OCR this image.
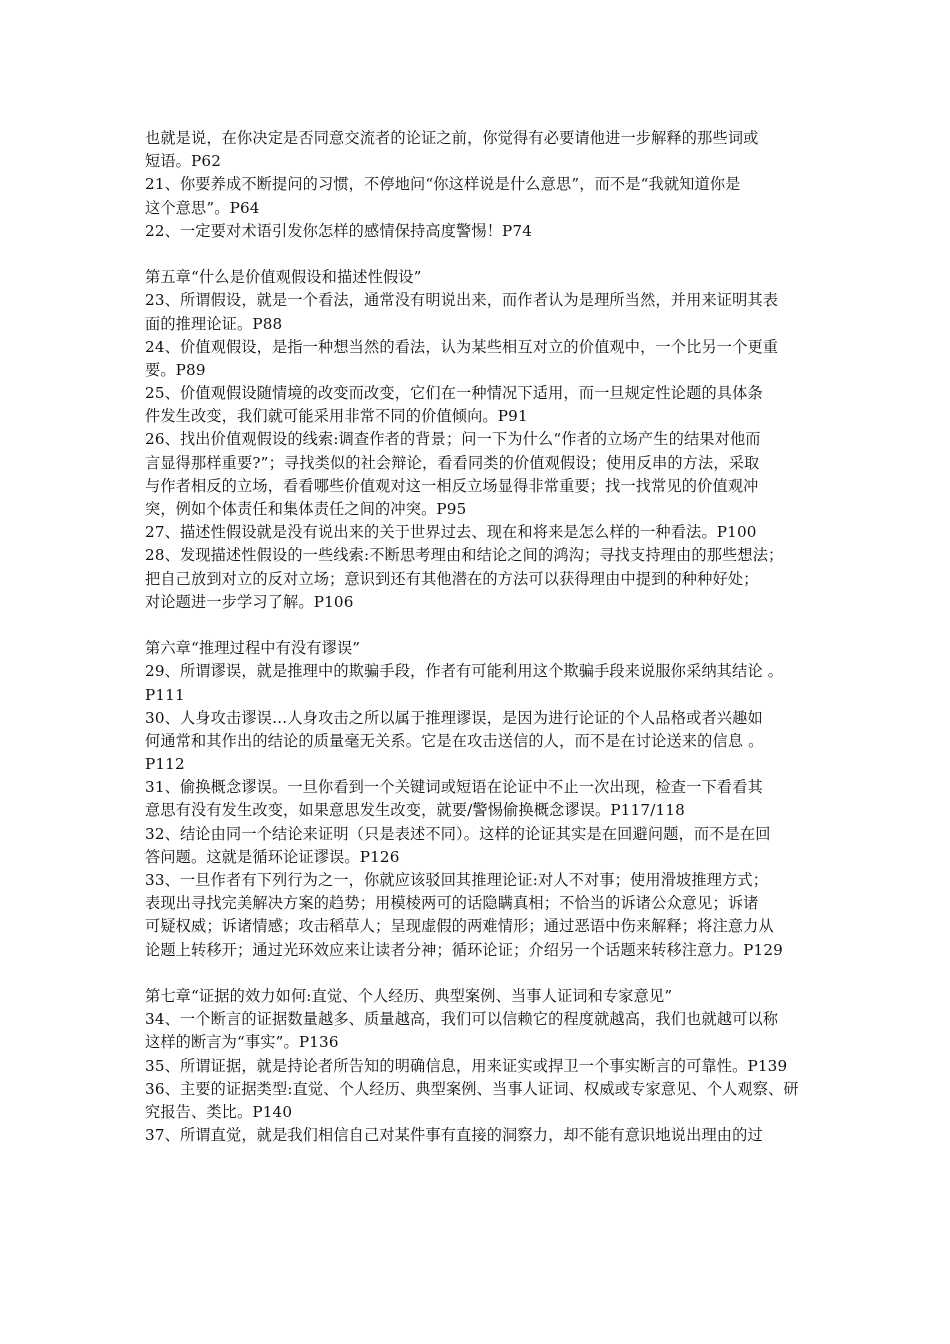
也就是说，在你决定是否同意交流者的论证之前，你觉得有必要请他进一步解释的那些词或
短语。P62
21、你要养成不断提问的习惯，不停地问“你这样说是什么意思”，而不是“我就知道你是
这个意思”。P64
22、一定要对术语引发你怎样的感情保持高度警惕！P74
第五章“什么是价值观假设和描述性假设”
23、所谓假设，就是一个看法，通常没有明说出来，而作者认为是理所当然，并用来证明其表
面的推理论证。P88
24、价值观假设，是指一种想当然的看法，认为某些相互对立的价值观中，一个比另一个更重
要。P89
25、价值观假设随情境的改变而改变，它们在一种情况下适用，而一旦规定性论题的具体条
件发生改变，我们就可能采用非常不同的价值倾向。P91
26、找出价值观假设的线索:调查作者的背景；问一下为什么“作者的立场产生的结果对他而
言显得那样重要?”；寻找类似的社会辩论，看看同类的价值观假设；使用反串的方法，采取
与作者相反的立场，看看哪些价值观对这一相反立场显得非常重要；找一找常见的价值观冲
突，例如个体责任和集体责任之间的冲突。P95
27、描述性假设就是没有说出来的关于世界过去、现在和将来是怎么样的一种看法。P100
28、发现描述性假设的一些线索:不断思考理由和结论之间的鸿沟；寻找支持理由的那些想法；
把自己放到对立的反对立场；意识到还有其他潜在的方法可以获得理由中提到的种种好处；
对论题进一步学习了解。P106
第六章“推理过程中有没有谬误”
29、所谓谬误，就是推理中的欺骗手段，作者有可能利用这个欺骗手段来说服你采纳其结论 。
P111
30、人身攻击谬误…人身攻击之所以属于推理谬误，是因为进行论证的个人品格或者兴趣如
何通常和其作出的结论的质量毫无关系。它是在攻击送信的人，而不是在讨论送来的信息 。
P112
31、偷换概念谬误。一旦你看到一个关键词或短语在论证中不止一次出现，检查一下看看其
意思有没有发生改变，如果意思发生改变，就要/警惕偷换概念谬误。P117/118
32、结论由同一个结论来证明（只是表述不同）。这样的论证其实是在回避问题，而不是在回
答问题。这就是循环论证谬误。P126
33、一旦作者有下列行为之一，你就应该驳回其推理论证:对人不对事；使用滑坡推理方式；
表现出寻找完美解决方案的趋势；用模棱两可的话隐瞒真相；不恰当的诉诸公众意见；诉诸
可疑权威；诉诸情感；攻击稻草人；呈现虚假的两难情形；通过恶语中伤来解释；将注意力从
论题上转移开；通过光环效应来让读者分神；循环论证；介绍另一个话题来转移注意力。P129
第七章“证据的效力如何:直觉、个人经历、典型案例、当事人证词和专家意见”
34、一个断言的证据数量越多、质量越高，我们可以信赖它的程度就越高，我们也就越可以称
这样的断言为“事实”。P136
35、所谓证据，就是持论者所告知的明确信息，用来证实或捍卫一个事实断言的可靠性。P139
36、主要的证据类型:直觉、个人经历、典型案例、当事人证词、权威或专家意见、个人观察、研
究报告、类比。P140
37、所谓直觉，就是我们相信自己对某件事有直接的洞察力，却不能有意识地说出理由的过
